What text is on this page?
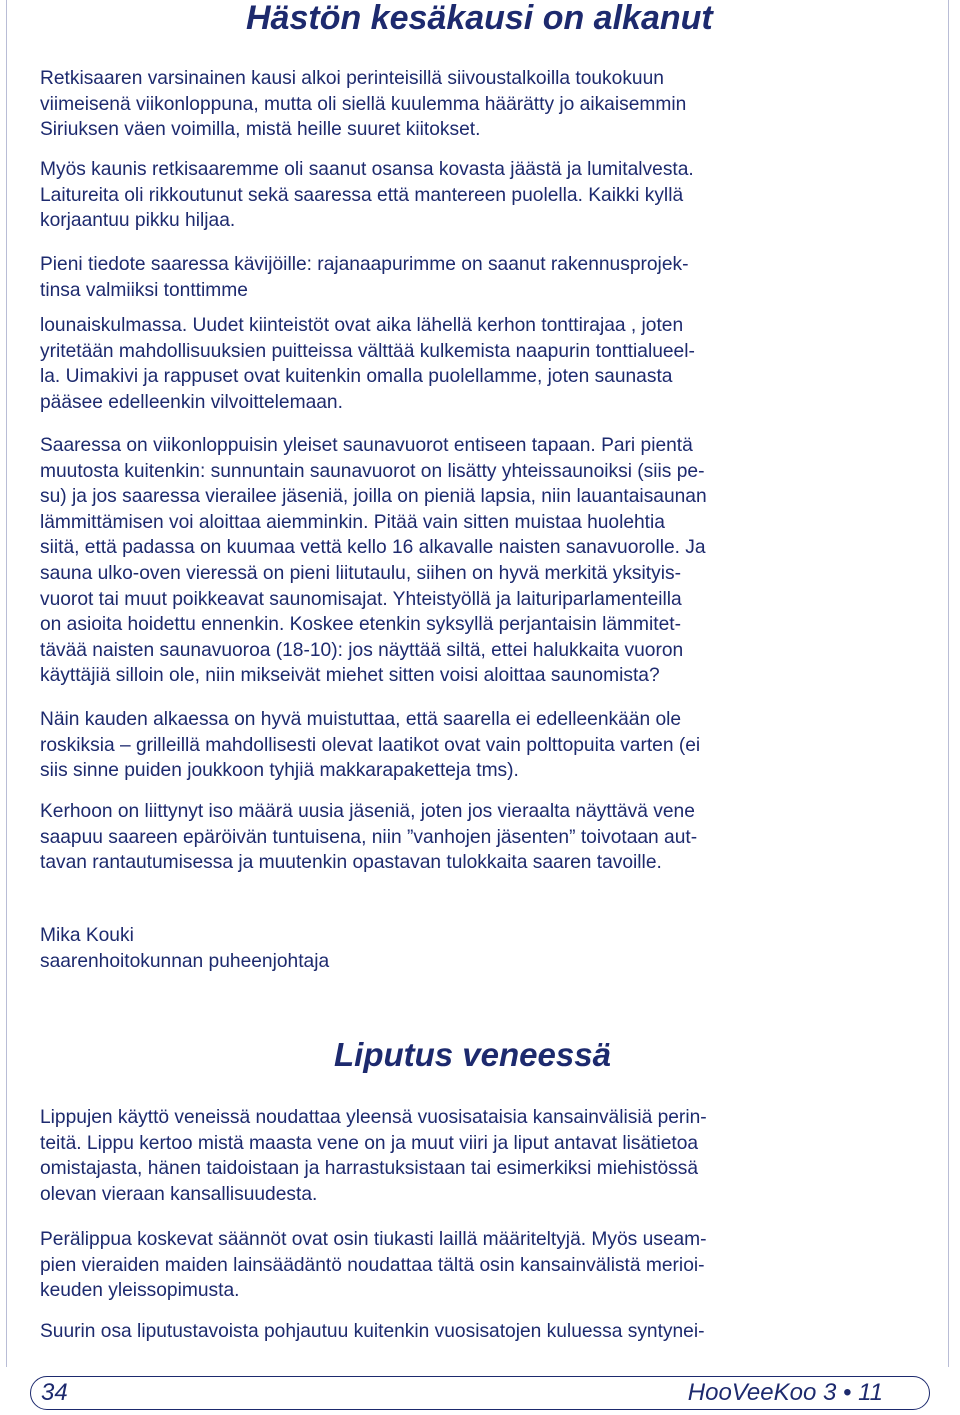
Hästön kesäkausi on alkanut
Retkisaaren varsinainen kausi alkoi perinteisillä siivoustalkoilla toukokuun
viimeisenä viikonloppuna, mutta oli siellä kuulemma häärätty jo aikaisemmin
Siriuksen väen voimilla, mistä heille suuret kiitokset.
Myös kaunis retkisaaremme oli saanut osansa kovasta jäästä ja lumitalvesta.
Laitureita oli rikkoutunut sekä saaressa että mantereen puolella. Kaikki kyllä
korjaantuu pikku hiljaa.
Pieni tiedote saaressa kävijöille: rajanaapurimme on saanut rakennusprojek-
tinsa valmiiksi tonttimme
lounaiskulmassa. Uudet kiinteistöt ovat aika lähellä kerhon tonttirajaa , joten
yritetään mahdollisuuksien puitteissa välttää kulkemista naapurin tonttialueel-
la. Uimakivi ja rappuset ovat kuitenkin omalla puolellamme, joten saunasta
pääsee edelleenkin vilvoittelemaan.
Saaressa on viikonloppuisin yleiset saunavuorot entiseen tapaan. Pari pientä
muutosta kuitenkin: sunnuntain saunavuorot on lisätty yhteissaunoiksi (siis pe-
su) ja jos saaressa vierailee jäseniä, joilla on pieniä lapsia, niin lauantaisaunan
lämmittämisen voi aloittaa aiemminkin. Pitää vain sitten muistaa huolehtia
siitä, että padassa on kuumaa vettä kello 16 alkavalle naisten sanavuorolle. Ja
sauna ulko-oven vieressä on pieni liitutaulu, siihen on hyvä merkitä yksityis-
vuorot tai muut poikkeavat saunomisajat. Yhteistyöllä ja laituriparlamenteilla
on asioita hoidettu ennenkin. Koskee etenkin syksyllä perjantaisin lämmitet-
tävää naisten saunavuoroa (18-10): jos näyttää siltä, ettei halukkaita vuoron
käyttäjiä silloin ole, niin mikseivät miehet sitten voisi aloittaa saunomista?
Näin kauden alkaessa on hyvä muistuttaa, että saarella ei edelleenkään ole
roskiksia – grilleillä mahdollisesti olevat laatikot ovat vain polttopuita varten (ei
siis sinne puiden joukkoon tyhjiä makkarapaketteja tms).
Kerhoon on liittynyt iso määrä uusia jäseniä, joten jos vieraalta näyttävä vene
saapuu saareen epäröivän tuntuisena, niin ”vanhojen jäsenten” toivotaan aut-
tavan rantautumisessa ja muutenkin opastavan tulokkaita saaren tavoille.
Mika Kouki
saarenhoitokunnan puheenjohtaja
Liputus veneessä
Lippujen käyttö veneissä noudattaa yleensä vuosisataisia kansainvälisiä perin-
teitä. Lippu kertoo mistä maasta vene on ja muut viiri ja liput antavat lisätietoa
omistajasta, hänen taidoistaan ja harrastuksistaan tai esimerkiksi miehistössä
olevan vieraan kansallisuudesta.
Perälippua koskevat säännöt ovat osin tiukasti laillä määriteltyjä. Myös useam-
pien vieraiden maiden lainsäädäntö noudattaa tältä osin kansainvälistä merioi-
keuden yleissopimusta.
Suurin osa liputustavoista pohjautuu kuitenkin vuosisatojen kuluessa syntynei-
34	HooVeeKoo 3 • 11
